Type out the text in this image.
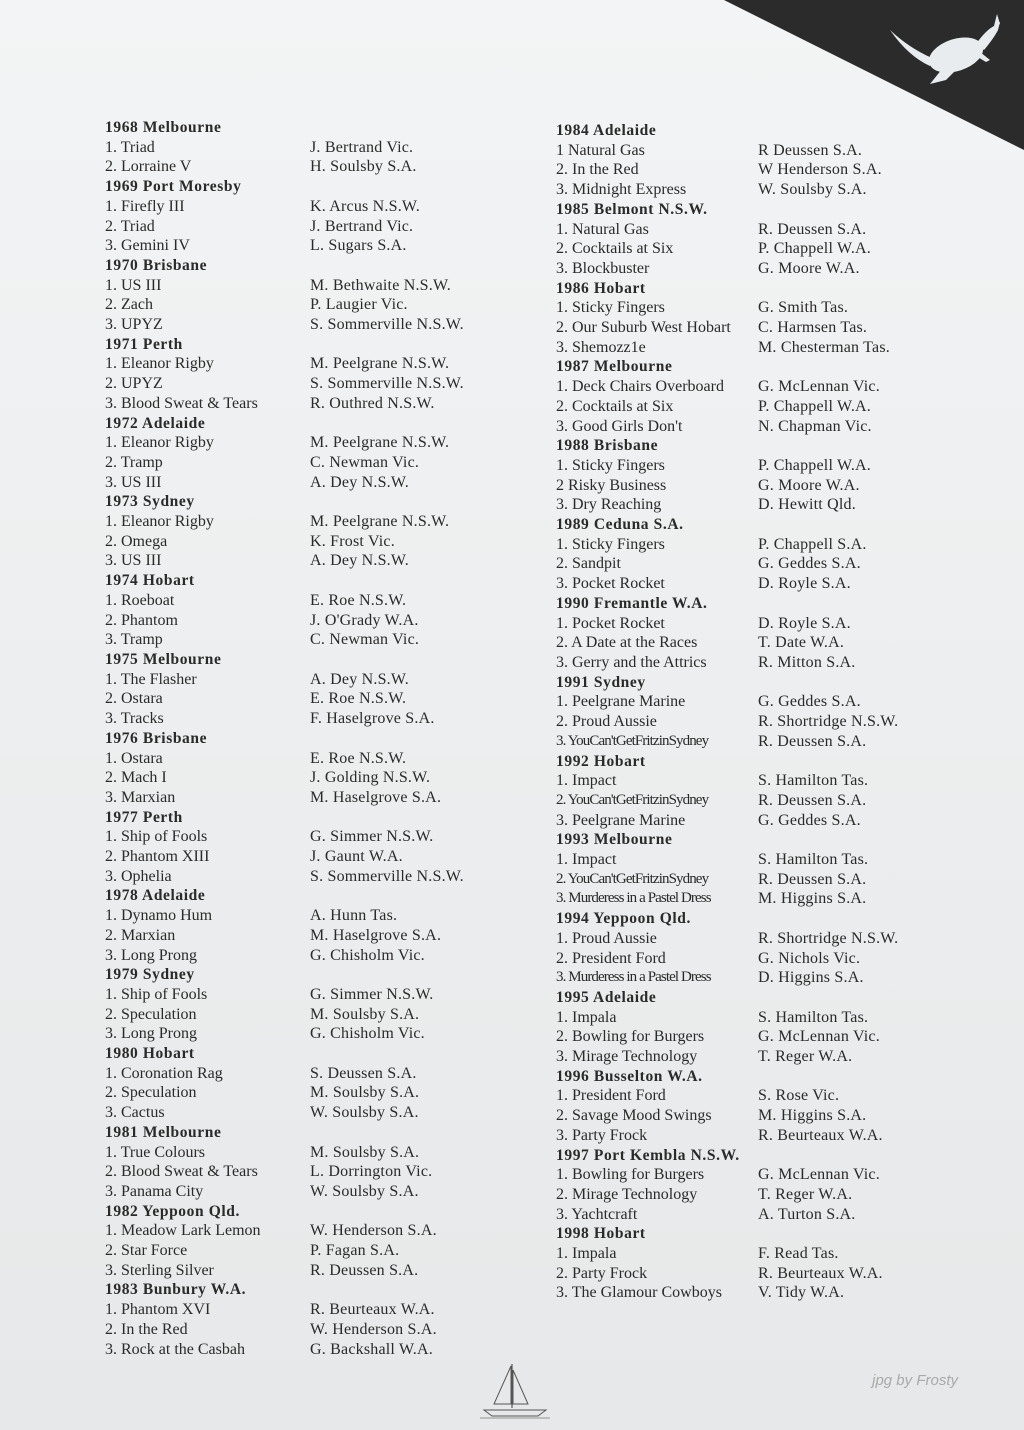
1968 Melbourne
1. Triad	J. Bertrand Vic.
2. Lorraine V	H. Soulsby S.A.
1969 Port Moresby
1. Firefly III	K. Arcus N.S.W.
2. Triad	J. Bertrand Vic.
3. Gemini IV	L. Sugars S.A.
1970 Brisbane
1. US III	M. Bethwaite N.S.W.
2. Zach	P. Laugier Vic.
3. UPYZ	S. Sommerville N.S.W.
1971 Perth
1. Eleanor Rigby	M. Peelgrane N.S.W.
2. UPYZ	S. Sommerville N.S.W.
3. Blood Sweat & Tears	R. Outhred N.S.W.
1972 Adelaide
1. Eleanor Rigby	M. Peelgrane N.S.W.
2. Tramp	C. Newman Vic.
3. US III	A. Dey N.S.W.
1973 Sydney
1. Eleanor Rigby	M. Peelgrane N.S.W.
2. Omega	K. Frost Vic.
3. US III	A. Dey N.S.W.
1974 Hobart
1. Roeboat	E. Roe N.S.W.
2. Phantom	J. O'Grady W.A.
3. Tramp	C. Newman Vic.
1975 Melbourne
1. The Flasher	A. Dey N.S.W.
2. Ostara	E. Roe N.S.W.
3. Tracks	F. Haselgrove S.A.
1976 Brisbane
1. Ostara	E. Roe N.S.W.
2. Mach I	J. Golding N.S.W.
3. Marxian	M. Haselgrove S.A.
1977 Perth
1. Ship of Fools	G. Simmer N.S.W.
2. Phantom XIII	J. Gaunt W.A.
3. Ophelia	S. Sommerville N.S.W.
1978 Adelaide
1. Dynamo Hum	A. Hunn Tas.
2. Marxian	M. Haselgrove S.A.
3. Long Prong	G. Chisholm Vic.
1979 Sydney
1. Ship of Fools	G. Simmer N.S.W.
2. Speculation	M. Soulsby S.A.
3. Long Prong	G. Chisholm Vic.
1980 Hobart
1. Coronation Rag	S. Deussen S.A.
2. Speculation	M. Soulsby S.A.
3. Cactus	W. Soulsby S.A.
1981 Melbourne
1. True Colours	M. Soulsby S.A.
2. Blood Sweat & Tears	L. Dorrington Vic.
3. Panama City	W. Soulsby S.A.
1982 Yeppoon Qld.
1. Meadow Lark Lemon	W. Henderson S.A.
2. Star Force	P. Fagan S.A.
3. Sterling Silver	R. Deussen S.A.
1983 Bunbury W.A.
1. Phantom XVI	R. Beurteaux W.A.
2. In the Red	W. Henderson S.A.
3. Rock at the Casbah	G. Backshall W.A.
1984 Adelaide
1 Natural Gas	R Deussen S.A.
2. In the Red	W Henderson S.A.
3. Midnight Express	W. Soulsby S.A.
1985 Belmont N.S.W.
1. Natural Gas	R. Deussen S.A.
2. Cocktails at Six	P. Chappell W.A.
3. Blockbuster	G. Moore W.A.
1986 Hobart
1. Sticky Fingers	G. Smith Tas.
2. Our Suburb West Hobart	C. Harmsen Tas.
3. Shemozz1e	M. Chesterman Tas.
1987 Melbourne
1. Deck Chairs Overboard	G. McLennan Vic.
2. Cocktails at Six	P. Chappell W.A.
3. Good Girls Don't	N. Chapman Vic.
1988 Brisbane
1. Sticky Fingers	P. Chappell W.A.
2 Risky Business	G. Moore W.A.
3. Dry Reaching	D. Hewitt Qld.
1989 Ceduna S.A.
1. Sticky Fingers	P. Chappell S.A.
2. Sandpit	G. Geddes S.A.
3. Pocket Rocket	D. Royle S.A.
1990 Fremantle W.A.
1. Pocket Rocket	D. Royle S.A.
2. A Date at the Races	T. Date W.A.
3. Gerry and the Attrics	R. Mitton S.A.
1991 Sydney
1. Peelgrane Marine	G. Geddes S.A.
2. Proud Aussie	R. Shortridge N.S.W.
3. YouCan'tGetFritzinSydney	R. Deussen S.A.
1992 Hobart
1. Impact	S. Hamilton Tas.
2. YouCan'tGetFritzinSydney	R. Deussen S.A.
3. Peelgrane Marine	G. Geddes S.A.
1993 Melbourne
1. Impact	S. Hamilton Tas.
2. YouCan'tGetFritzinSydney	R. Deussen S.A.
3. Murderess in a Pastel Dress	M. Higgins S.A.
1994 Yeppoon Qld.
1. Proud Aussie	R. Shortridge N.S.W.
2. President Ford	G. Nichols Vic.
3. Murderess in a Pastel Dress	D. Higgins S.A.
1995 Adelaide
1. Impala	S. Hamilton Tas.
2. Bowling for Burgers	G. McLennan Vic.
3. Mirage Technology	T. Reger W.A.
1996 Busselton W.A.
1. President Ford	S. Rose Vic.
2. Savage Mood Swings	M. Higgins S.A.
3. Party Frock	R. Beurteaux W.A.
1997 Port Kembla N.S.W.
1. Bowling for Burgers	G. McLennan Vic.
2. Mirage Technology	T. Reger W.A.
3. Yachtcraft	A. Turton S.A.
1998 Hobart
1. Impala	F. Read Tas.
2. Party Frock	R. Beurteaux W.A.
3. The Glamour Cowboys	V. Tidy W.A.
jpg by Frosty
